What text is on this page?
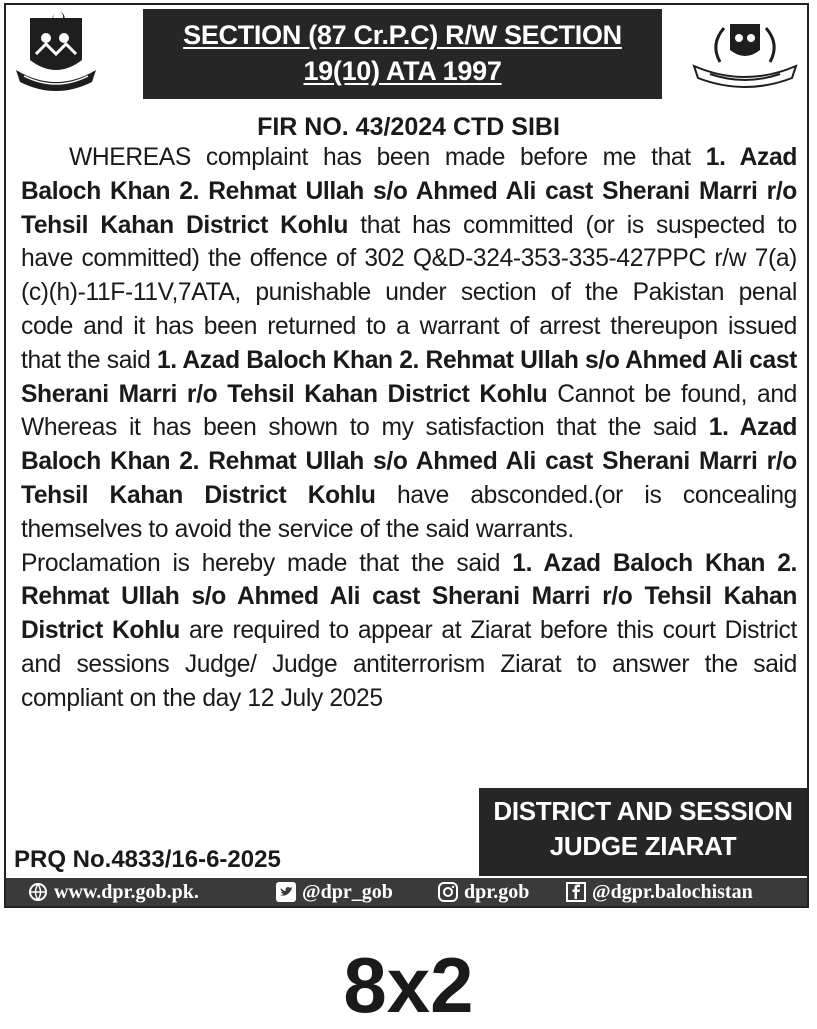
SECTION (87 Cr.P.C) R/W SECTION
19(10) ATA 1997
FIR NO. 43/2024 CTD SIBI

WHEREAS complaint has been made before me that 1. Azad Baloch Khan 2. Rehmat Ullah s/o Ahmed Ali cast Sherani Marri r/o Tehsil Kahan District Kohlu that has committed (or is suspected to have committed) the offence of 302 Q&D-324-353-335-427PPC r/w 7(a) (c)(h)-11F-11V,7ATA, punishable under section of the Pakistan penal code and it has been returned to a warrant of arrest thereupon issued that the said 1. Azad Baloch Khan 2. Rehmat Ullah s/o Ahmed Ali cast Sherani Marri r/o Tehsil Kahan District Kohlu Cannot be found, and Whereas it has been shown to my satisfaction that the said 1. Azad Baloch Khan 2. Rehmat Ullah s/o Ahmed Ali cast Sherani Marri r/o Tehsil Kahan District Kohlu have absconded.(or is concealing themselves to avoid the service of the said warrants.

Proclamation is hereby made that the said 1. Azad Baloch Khan 2. Rehmat Ullah s/o Ahmed Ali cast Sherani Marri r/o Tehsil Kahan District Kohlu are required to appear at Ziarat before this court District and sessions Judge/ Judge antiterrorism Ziarat to answer the said compliant on the day 12 July 2025

DISTRICT AND SESSION
JUDGE ZIARAT
PRQ No.4833/16-6-2025
www.dpr.gob.pk.	@dpr_gob	dpr.gob	@dgpr.balochistan
8x2
